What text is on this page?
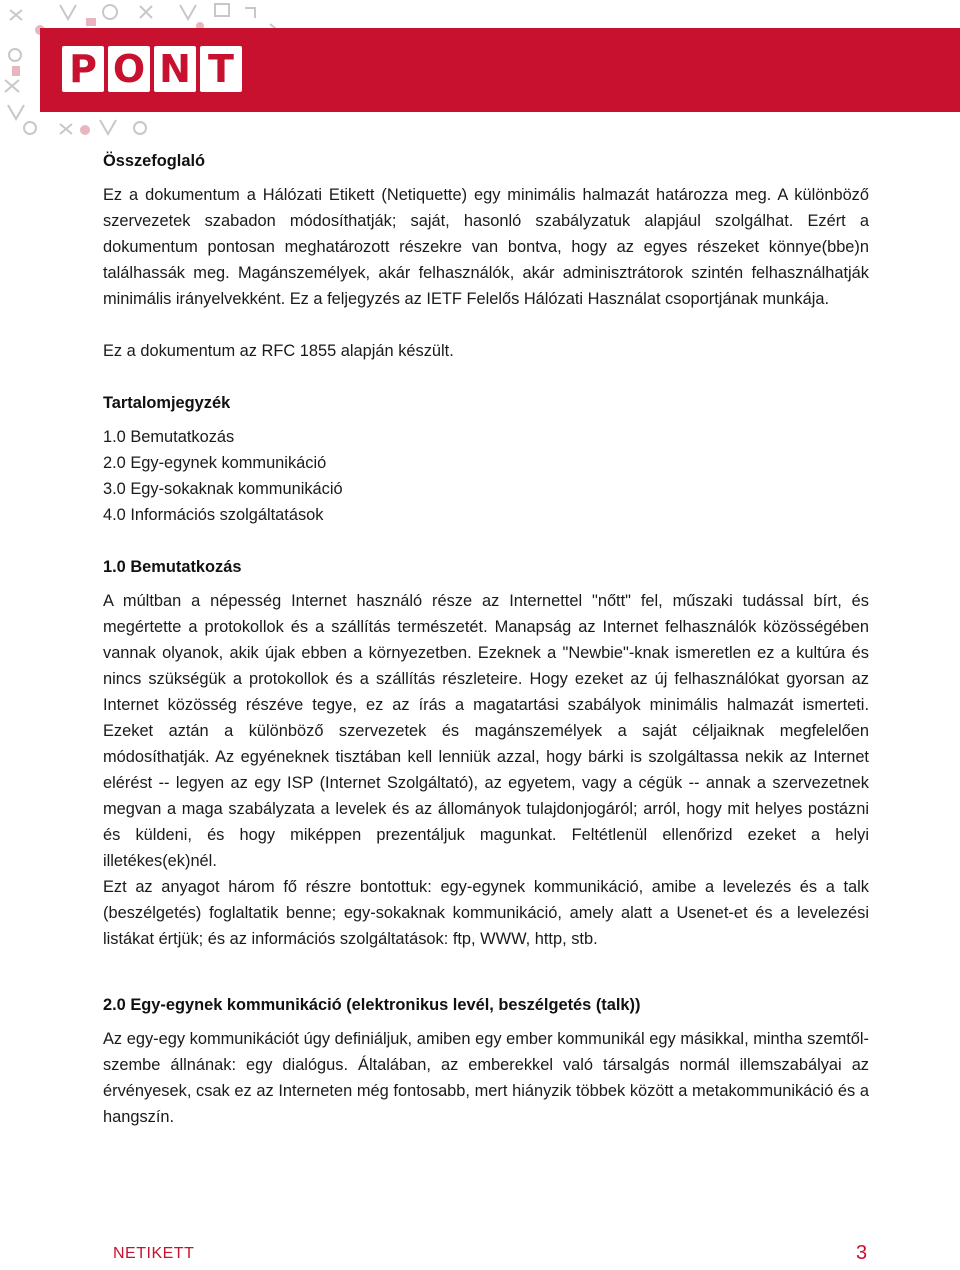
P O N T
Összefoglaló

Ez a dokumentum a Hálózati Etikett (Netiquette) egy minimális halmazát határozza meg. A különböző szervezetek szabadon módosíthatják; saját, hasonló szabályzatuk alapjául szolgálhat. Ezért a dokumentum pontosan meghatározott részekre van bontva, hogy az egyes részeket könnye(bbe)n találhassák meg. Magánszemélyek, akár felhasználók, akár adminisztrátorok szintén felhasználhatják minimális irányelvekként. Ez a feljegyzés az IETF Felelős Hálózati Használat csoportjának munkája.

Ez a dokumentum az RFC 1855 alapján készült.

Tartalomjegyzék
1.0 Bemutatkozás
2.0 Egy-egynek kommunikáció
3.0 Egy-sokaknak kommunikáció
4.0 Információs szolgáltatások
1.0 Bemutatkozás

A múltban a népesség Internet használó része az Internettel "nőtt" fel, műszaki tudással bírt, és megértette a protokollok és a szállítás természetét. Manapság az Internet felhasználók közösségében vannak olyanok, akik újak ebben a környezetben. Ezeknek a "Newbie"-knak ismeretlen ez a kultúra és nincs szükségük a protokollok és a szállítás részleteire. Hogy ezeket az új felhasználókat gyorsan az Internet közösség részéve tegye, ez az írás a magatartási szabályok minimális halmazát ismerteti. Ezeket aztán a különböző szervezetek és magánszemélyek a saját céljaiknak megfelelően módosíthatják. Az egyéneknek tisztában kell lenniük azzal, hogy bárki is szolgáltassa nekik az Internet elérést -- legyen az egy ISP (Internet Szolgáltató), az egyetem, vagy a cégük -- annak a szervezetnek megvan a maga szabályzata a levelek és az állományok tulajdonjogáról; arról, hogy mit helyes postázni és küldeni, és hogy miképpen prezentáljuk magunkat. Feltétlenül ellenőrizd ezeket a helyi illetékes(ek)nél.

Ezt az anyagot három fő részre bontottuk: egy-egynek kommunikáció, amibe a levelezés és a talk (beszélgetés) foglaltatik benne; egy-sokaknak kommunikáció, amely alatt a Usenet-et és a levelezési listákat értjük; és az információs szolgáltatások: ftp, WWW, http, stb.

2.0 Egy-egynek kommunikáció (elektronikus levél, beszélgetés (talk))

Az egy-egy kommunikációt úgy definiáljuk, amiben egy ember kommunikál egy másikkal, mintha szemtől-szembe állnának: egy dialógus. Általában, az emberekkel való társalgás normál illemszabályai az érvényesek, csak ez az Interneten még fontosabb, mert hiányzik többek között a metakommunikáció és a hangszín.

NETIKETT	3
